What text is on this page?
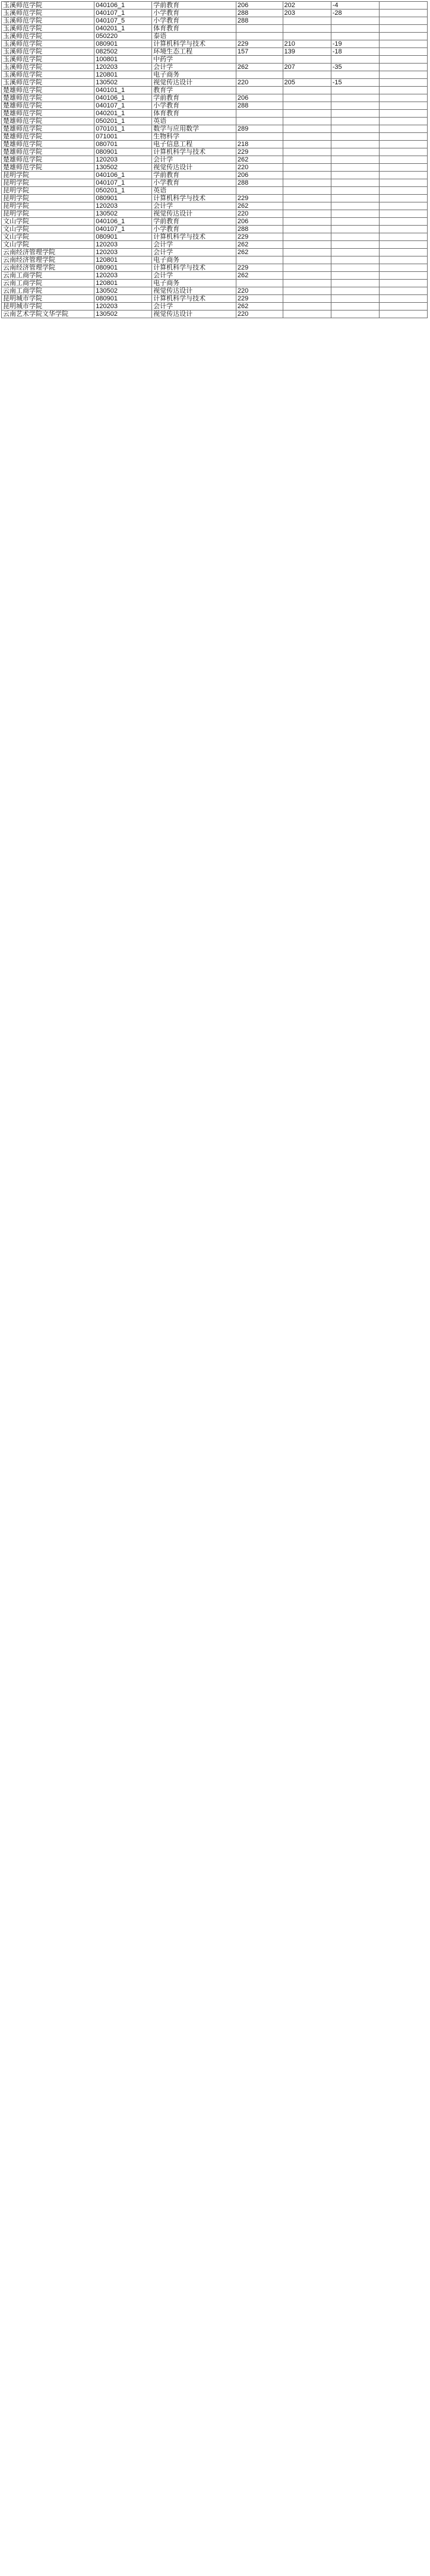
玉溪师范学院	040106_1	学前教育	206	202	-4	
玉溪师范学院	040107_1	小学教育	288	203	-28	
玉溪师范学院	040107_5	小学教育	288			
玉溪师范学院	040201_1	体育教育				
玉溪师范学院	050220	泰语				
玉溪师范学院	080901	计算机科学与技术	229	210	-19	
玉溪师范学院	082502	环境生态工程	157	139	-18	
玉溪师范学院	100801	中药学				
玉溪师范学院	120203	会计学	262	207	-35	
玉溪师范学院	120801	电子商务				
玉溪师范学院	130502	视觉传达设计	220	205	-15	
楚雄师范学院	040101_1	教育学				
楚雄师范学院	040106_1	学前教育	206			
楚雄师范学院	040107_1	小学教育	288			
楚雄师范学院	040201_1	体育教育				
楚雄师范学院	050201_1	英语				
楚雄师范学院	070101_1	数学与应用数学	289			
楚雄师范学院	071001	生物科学				
楚雄师范学院	080701	电子信息工程	218			
楚雄师范学院	080901	计算机科学与技术	229			
楚雄师范学院	120203	会计学	262			
楚雄师范学院	130502	视觉传达设计	220			
昆明学院	040106_1	学前教育	206			
昆明学院	040107_1	小学教育	288			
昆明学院	050201_1	英语				
昆明学院	080901	计算机科学与技术	229			
昆明学院	120203	会计学	262			
昆明学院	130502	视觉传达设计	220			
文山学院	040106_1	学前教育	206			
文山学院	040107_1	小学教育	288			
文山学院	080901	计算机科学与技术	229			
文山学院	120203	会计学	262			
云南经济管理学院	120203	会计学	262			
云南经济管理学院	120801	电子商务				
云南经济管理学院	080901	计算机科学与技术	229			
云南工商学院	120203	会计学	262			
云南工商学院	120801	电子商务				
云南工商学院	130502	视觉传达设计	220			
昆明城市学院	080901	计算机科学与技术	229			
昆明城市学院	120203	会计学	262			
云南艺术学院文华学院	130502	视觉传达设计	220			
